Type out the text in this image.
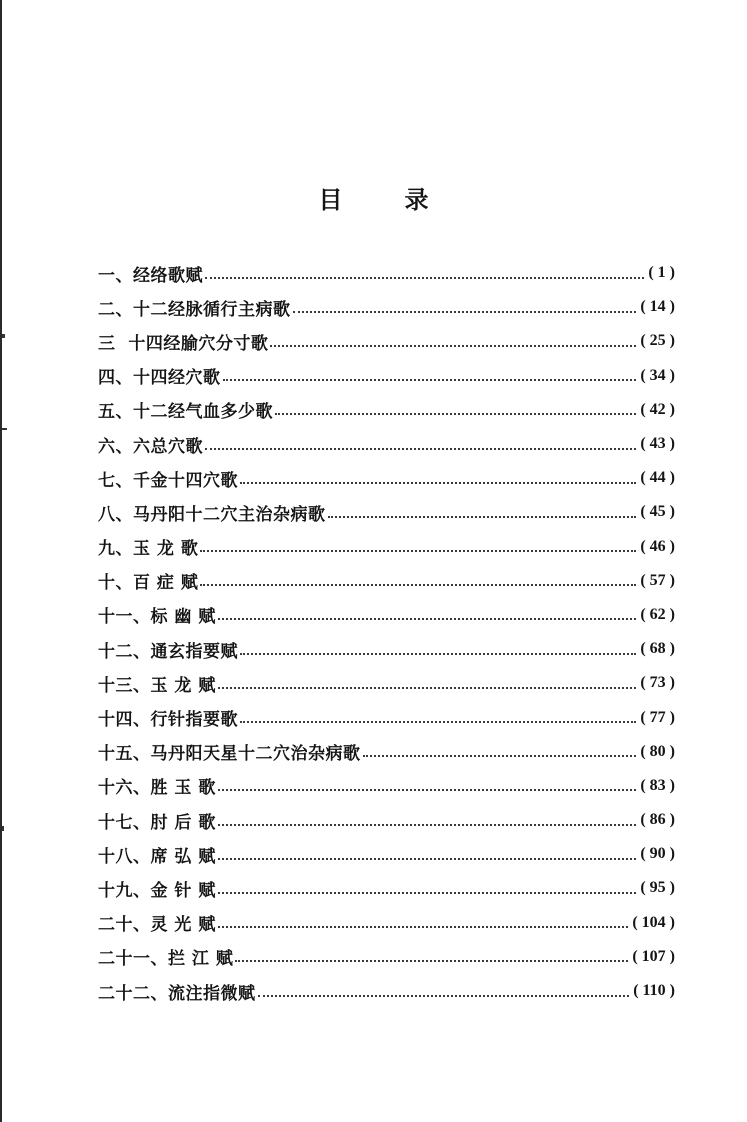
目	录
一、经络歌赋	( 1 )
二、十二经脉循行主病歌	( 14 )
三  十四经腧穴分寸歌	( 25 )
四、十四经穴歌	( 34 )
五、十二经气血多少歌	( 42 )
六、六总穴歌	( 43 )
七、千金十四穴歌	( 44 )
八、马丹阳十二穴主治杂病歌	( 45 )
九、玉 龙 歌	( 46 )
十、百 症 赋	( 57 )
十一、标 幽 赋	( 62 )
十二、通玄指要赋	( 68 )
十三、玉 龙 赋	( 73 )
十四、行针指要歌	( 77 )
十五、马丹阳天星十二穴治杂病歌	( 80 )
十六、胜 玉 歌	( 83 )
十七、肘 后 歌	( 86 )
十八、席 弘 赋	( 90 )
十九、金 针 赋	( 95 )
二十、灵 光 赋	( 104 )
二十一、拦 江 赋	( 107 )
二十二、流注指微赋	( 110 )
